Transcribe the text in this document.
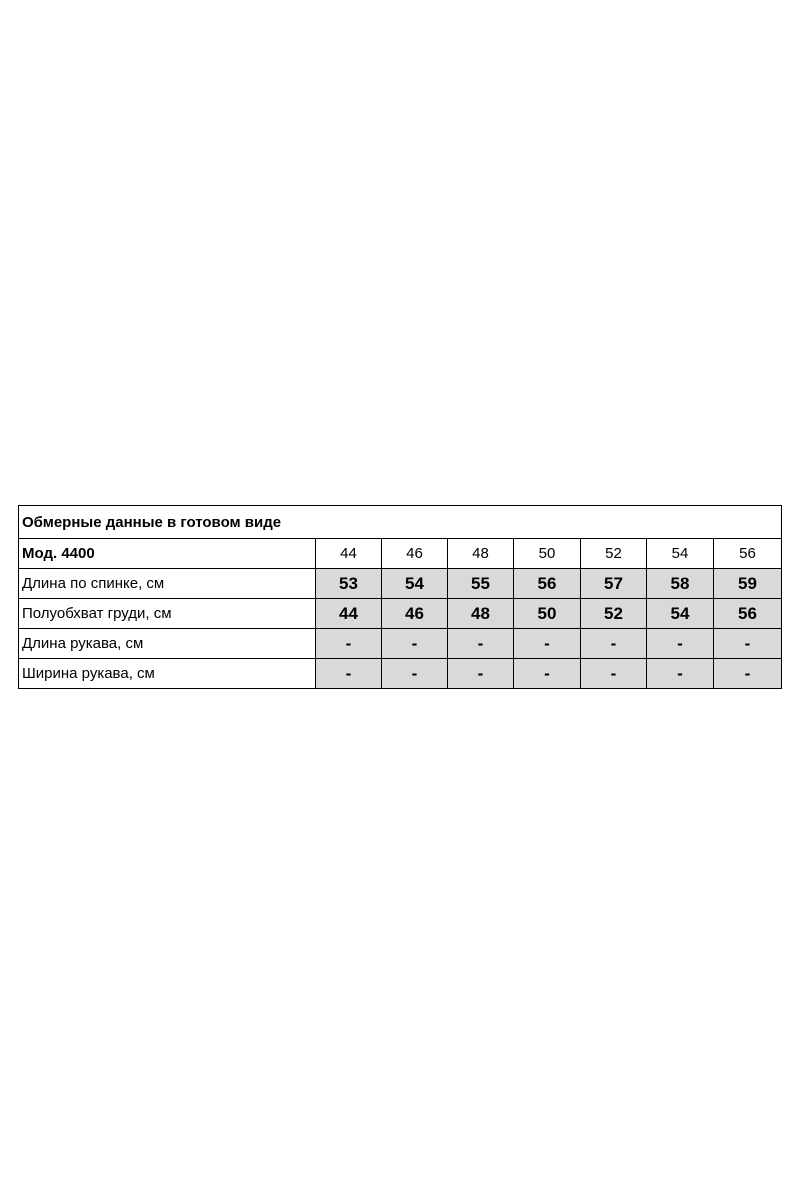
Обмерные данные в готовом виде							
Мод. 4400	44	46	48	50	52	54	56
Длина по спинке, см	53	54	55	56	57	58	59
Полуобхват груди, см	44	46	48	50	52	54	56
Длина рукава, см	-	-	-	-	-	-	-
Ширина рукава, см	-	-	-	-	-	-	-
